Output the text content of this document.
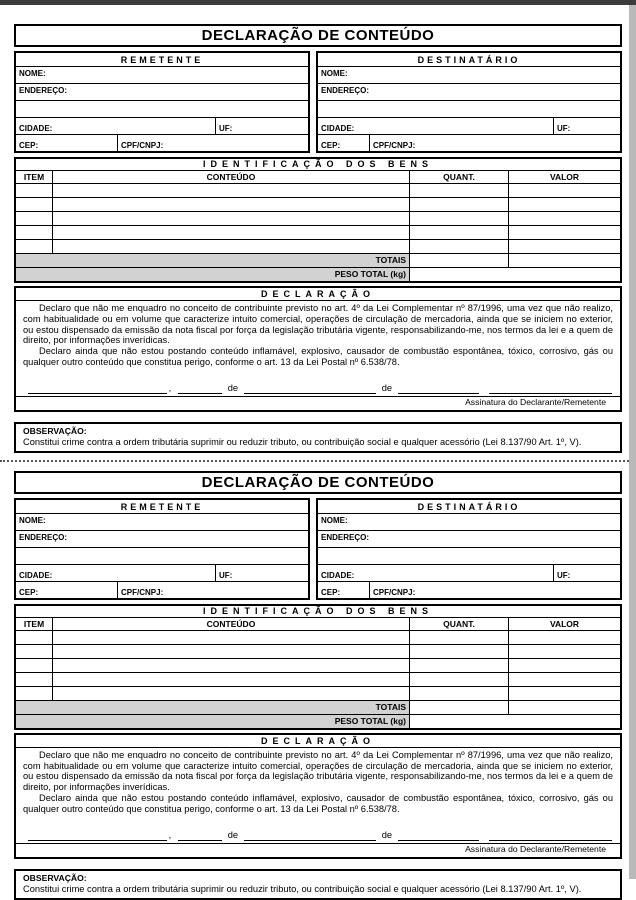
DECLARAÇÃO DE CONTEÚDO
REMETENTE
NOME:
ENDEREÇO:
CIDADE:	UF:
CEP:	CPF/CNPJ:
DESTINATÁRIO
NOME:
ENDEREÇO:
CIDADE:	UF:
CEP:	CPF/CNPJ:
IDENTIFICAÇÃO DOS BENS
ITEM	CONTEÚDO	QUANT.	VALOR
TOTAIS
PESO TOTAL (kg)
DECLARAÇÃO

Declaro que não me enquadro no conceito de contribuinte previsto no art. 4º da Lei Complementar nº 87/1996, uma vez que não realizo, com habitualidade ou em volume que caracterize intuito comercial, operações de circulação de mercadoria, ainda que se iniciem no exterior, ou estou dispensado da emissão da nota fiscal por força da legislação tributária vigente, responsabilizando-me, nos termos da lei e a quem de direito, por informações inverídicas.

Declaro ainda que não estou postando conteúdo inflamável, explosivo, causador de combustão espontânea, tóxico, corrosivo, gás ou qualquer outro conteúdo que constitua perigo, conforme o art. 13 da Lei Postal nº 6.538/78.

,	de	de
Assinatura do Declarante/Remetente
OBSERVAÇÃO:
Constitui crime contra a ordem tributária suprimir ou reduzir tributo, ou contribuição social e qualquer acessório (Lei 8.137/90 Art. 1º, V).
DECLARAÇÃO DE CONTEÚDO
REMETENTE
NOME:
ENDEREÇO:
CIDADE:	UF:
CEP:	CPF/CNPJ:
DESTINATÁRIO
NOME:
ENDEREÇO:
CIDADE:	UF:
CEP:	CPF/CNPJ:
IDENTIFICAÇÃO DOS BENS
ITEM	CONTEÚDO	QUANT.	VALOR
TOTAIS
PESO TOTAL (kg)
DECLARAÇÃO

Declaro que não me enquadro no conceito de contribuinte previsto no art. 4º da Lei Complementar nº 87/1996, uma vez que não realizo, com habitualidade ou em volume que caracterize intuito comercial, operações de circulação de mercadoria, ainda que se iniciem no exterior, ou estou dispensado da emissão da nota fiscal por força da legislação tributária vigente, responsabilizando-me, nos termos da lei e a quem de direito, por informações inverídicas.

Declaro ainda que não estou postando conteúdo inflamável, explosivo, causador de combustão espontânea, tóxico, corrosivo, gás ou qualquer outro conteúdo que constitua perigo, conforme o art. 13 da Lei Postal nº 6.538/78.

,	de	de
Assinatura do Declarante/Remetente
OBSERVAÇÃO:
Constitui crime contra a ordem tributária suprimir ou reduzir tributo, ou contribuição social e qualquer acessório (Lei 8.137/90 Art. 1º, V).
